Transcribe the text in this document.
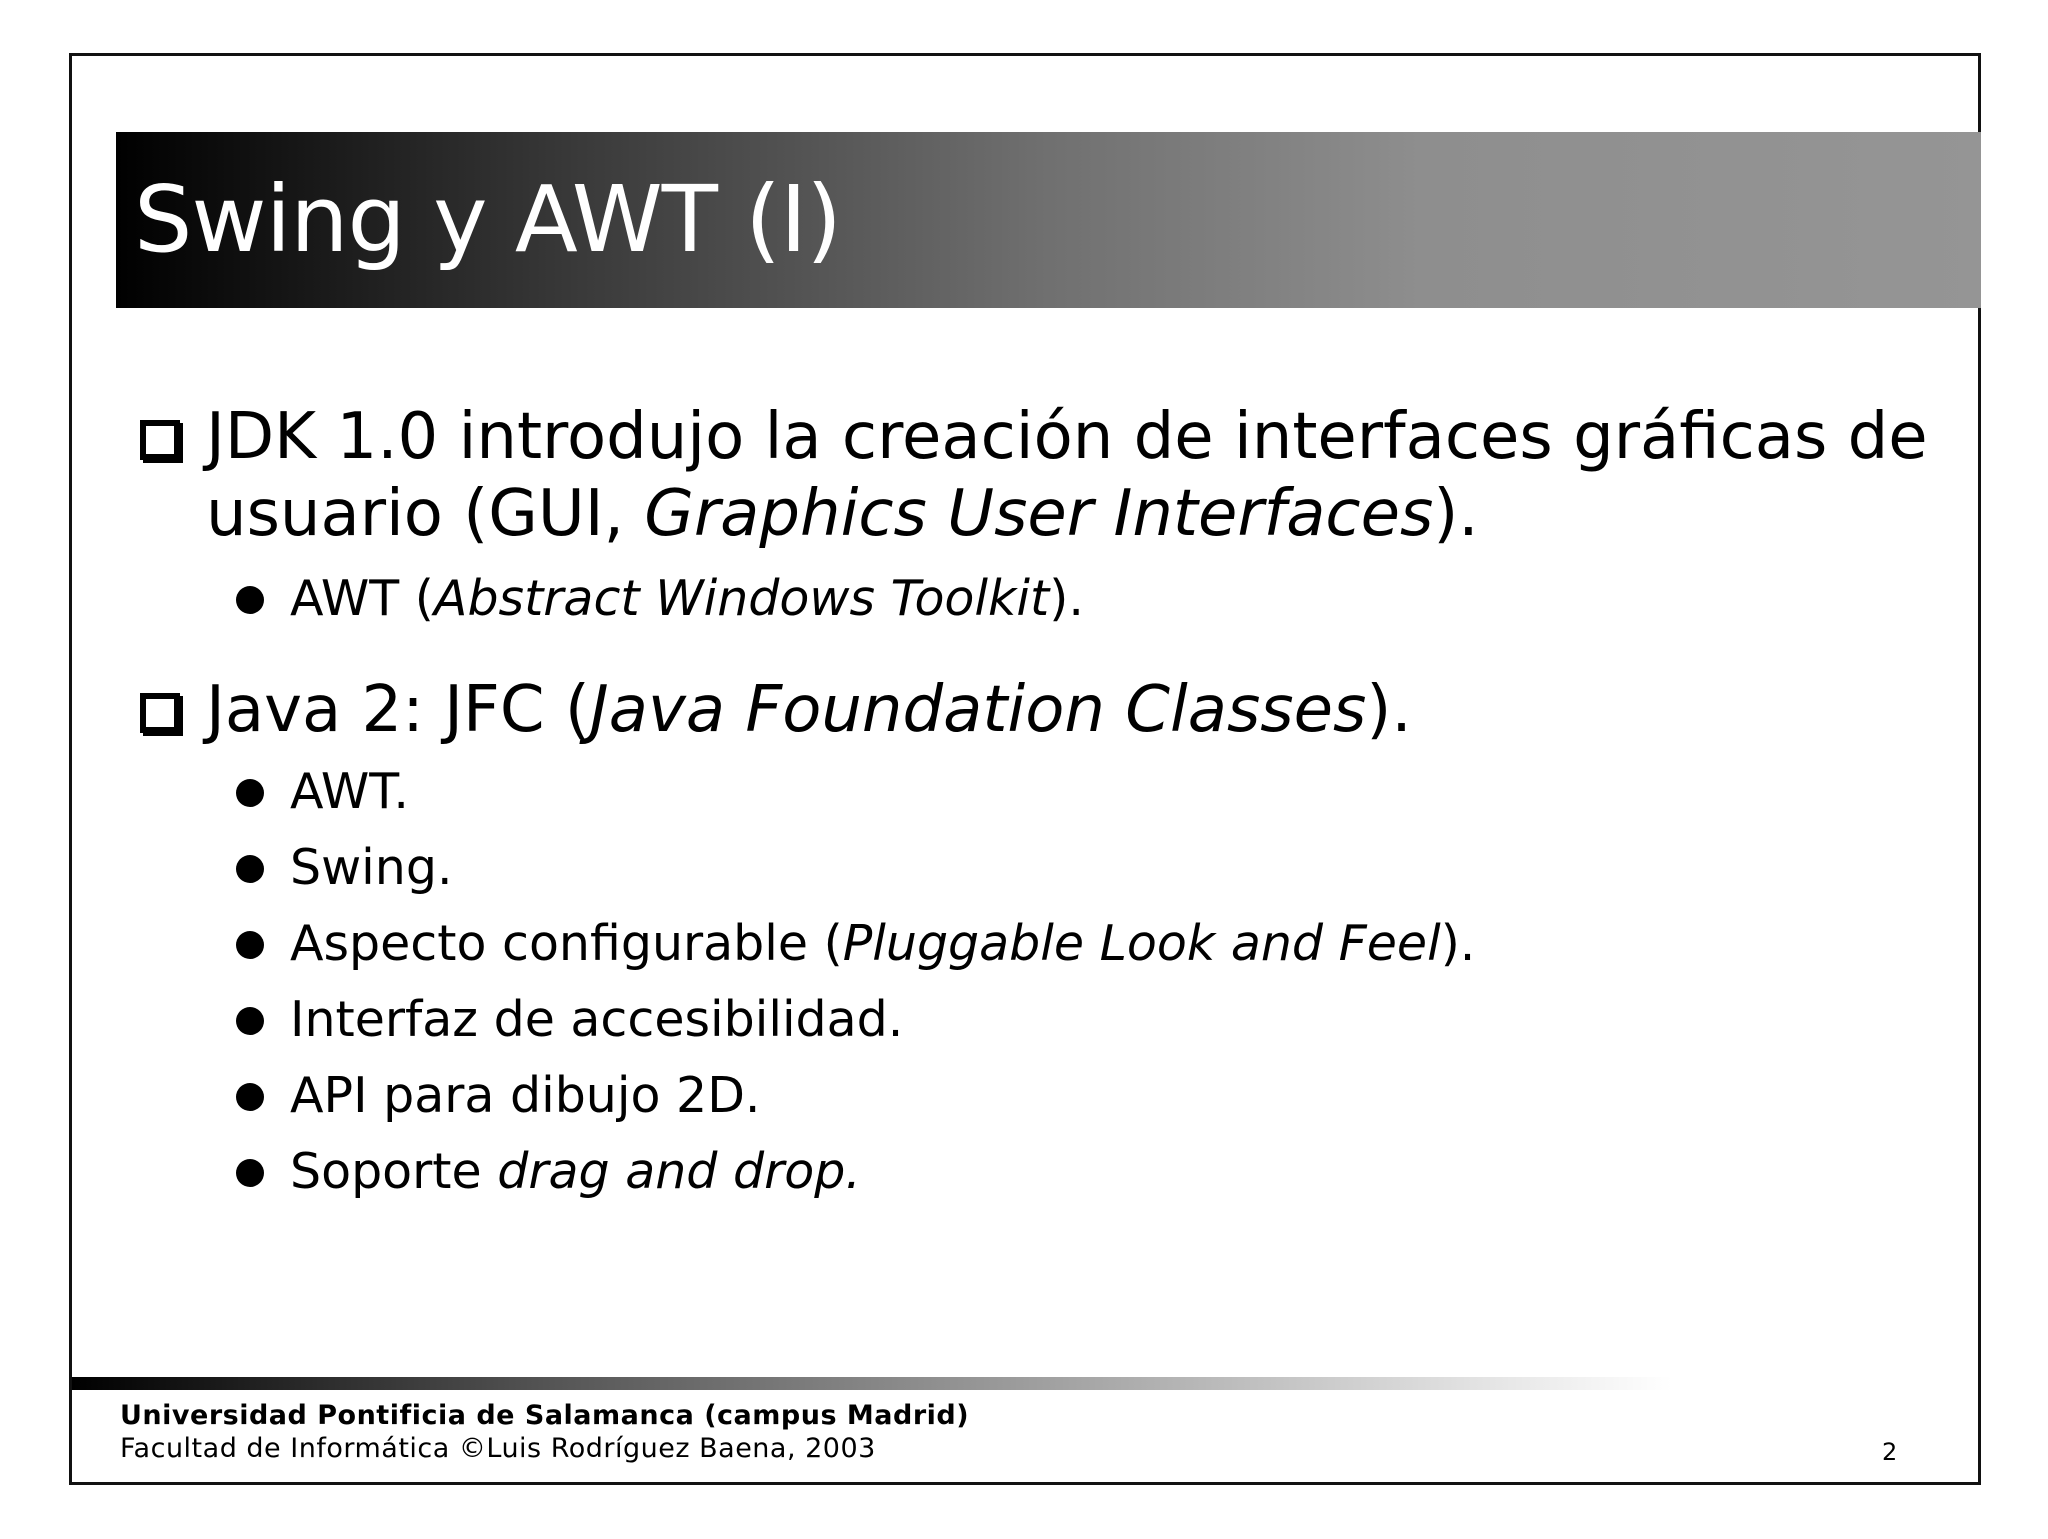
Swing y AWT (I)
JDK 1.0 introdujo la creación de interfaces gráficas de
usuario (GUI, Graphics User Interfaces).
AWT (Abstract Windows Toolkit).
Java 2: JFC (Java Foundation Classes).
AWT.
Swing.
Aspecto configurable (Pluggable Look and Feel).
Interfaz de accesibilidad.
API para dibujo 2D.
Soporte drag and drop.
Universidad Pontificia de Salamanca (campus Madrid)
Facultad de Informática ©Luis Rodríguez Baena, 2003	2
